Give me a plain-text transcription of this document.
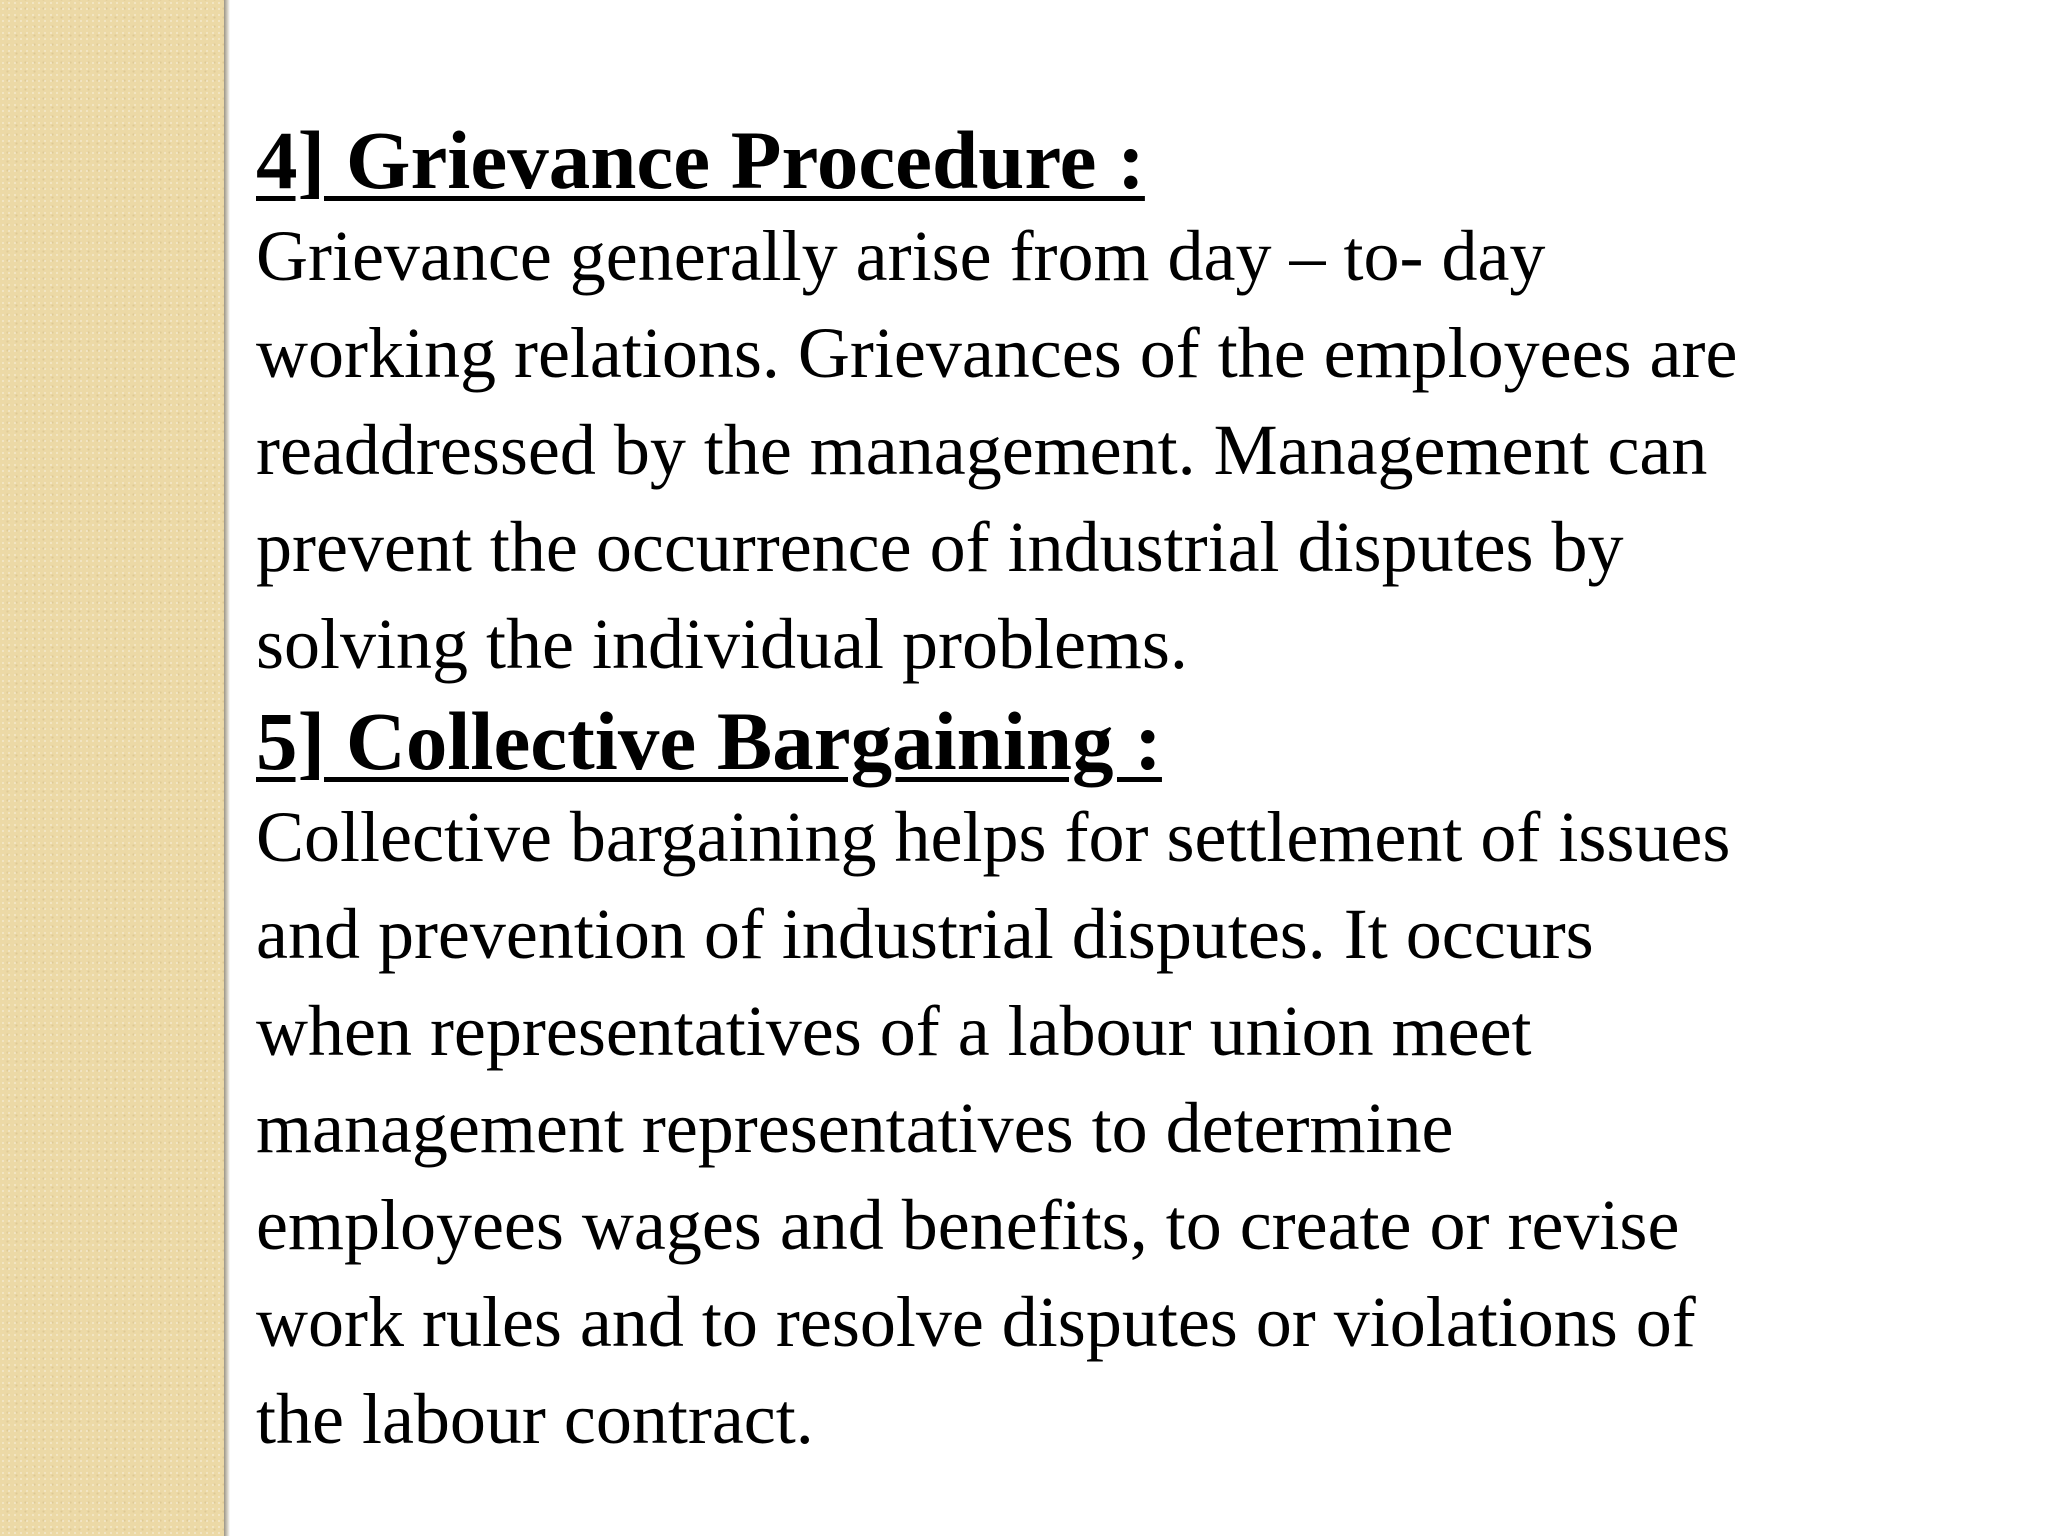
4] Grievance Procedure :

Grievance generally arise from day – to- day
working relations. Grievances of the employees are
readdressed by the management. Management can
prevent the occurrence of industrial disputes by
solving the individual problems.

5] Collective Bargaining :

Collective bargaining helps for settlement of issues
and prevention of industrial disputes. It occurs
when representatives of a labour union meet
management representatives to determine
employees wages and benefits, to create or revise
work rules and to resolve disputes or violations of
the labour contract.
